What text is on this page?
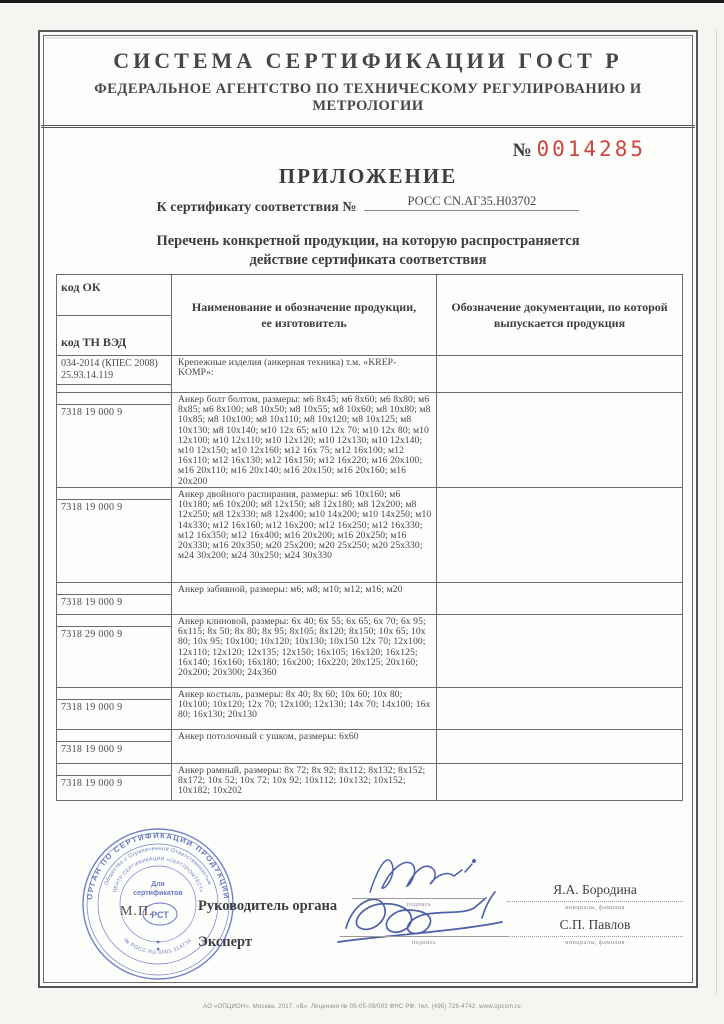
СИСТЕМА СЕРТИФИКАЦИИ ГОСТ Р
ФЕДЕРАЛЬНОЕ АГЕНТСТВО ПО ТЕХНИЧЕСКОМУ РЕГУЛИРОВАНИЮ И МЕТРОЛОГИИ
№ 0014285
ПРИЛОЖЕНИЕ
К сертификату соответствия №	РОСС CN.АГ35.Н03702
Перечень конкретной продукции, на которую распространяется
действие сертификата соответствия
код ОК
код ТН ВЭД
Наименование и обозначение продукции, ее изготовитель
Обозначение документации, по которой выпускается продукция
034-2014 (КПЕС 2008)
25.93.14.119
Крепежные изделия (анкерная техника) т.м. «KREP-KOMP»:
7318 19 000 9
Анкер болт болтом, размеры: м6 8х45; м6 8х60; м6 8х80; м6 8х85; м6 8х100; м8 10х50; м8 10х55; м8 10х60; м8 10х80; м8 10х85; м8 10х100; м8 10х110; м8 10х120; м8 10х125; м8 10х130; м8 10х140; м10 12х 65; м10 12х 70; м10 12х 80; м10 12х100; м10 12х110; м10 12х120; м10 12х130; м10 12х140; м10 12х150; м10 12х160; м12 16х 75; м12 16х100; м12 16х110; м12 16х130; м12 16х150; м12 16х220; м16 20х100; м16 20х110; м16 20х140; м16 20х150; м16 20х160; м16 20х200
7318 19 000 9
Анкер двойного распирания, размеры: м6 10х160; м6 10х180; м6 10х200; м8 12х150; м8 12х180; м8 12х200; м8 12х250; м8 12х330; м8 12х400; м10 14х200; м10 14х250; м10 14х330; м12 16х160; м12 16х200; м12 16х250; м12 16х330; м12 16х350; м12 16х400; м16 20х200; м16 20х250; м16 20х330; м16 20х350; м20 25х200; м20 25х250; м20 25х330; м24 30х200; м24 30х250; м24 30х330
7318 19 000 9
Анкер забивной, размеры: м6; м8; м10; м12; м16; м20
7318 29 000 9
Анкер клиновой, размеры: 6х 40; 6х 55; 6х 65; 6х 70; 6х 95; 6х115; 8х 50; 8х 80; 8х 95; 8х105; 8х120; 8х150; 10х 65; 10х 80; 10х 95; 10х100; 10х120; 10х130; 10х150 12х 70; 12х100; 12х110; 12х120; 12х135; 12х150; 16х105; 16х120; 16х125; 16х140; 16х160; 16х180; 16х200; 16х220; 20х125; 20х160; 20х200; 20х300; 24х360
7318 19 000 9
Анкер костыль, размеры: 8х 40; 8х 60; 10х 60; 10х 80; 10х100; 10х120; 12х 70; 12х100; 12х130; 14х 70; 14х100; 16х 80; 16х130; 20х130
7318 19 000 9
Анкер потолочный с ушком, размеры: 6х60
7318 19 000 9
Анкер рамный, размеры: 8х 72; 8х 92; 8х112; 8х132; 8х152; 8х172; 10х 52; 10х 72; 10х 92; 10х112; 10х132; 10х152; 10х182; 10х202
ОРГАН ПО СЕРТИФИКАЦИИ ПРОДУКЦИИ
Общество с Ограниченной Ответственностью
ЦЕНТР СЕРТИФИКАЦИИ «СЕРТПРОМТЕСТ»
№ РОСС RU 0001.11АГ35
Для
сертификатов
РСТ
М.П.	Руководитель органа
Эксперт
подпись
подпись
Я.А. Бородина
инициалы, фамилия
С.П. Павлов
инициалы, фамилия
АО «ОПЦИОН», Москва, 2017, «В». Лицензия № 05-05-09/003 ФНС РФ, тел. (495) 726-4742, www.opcion.ru
